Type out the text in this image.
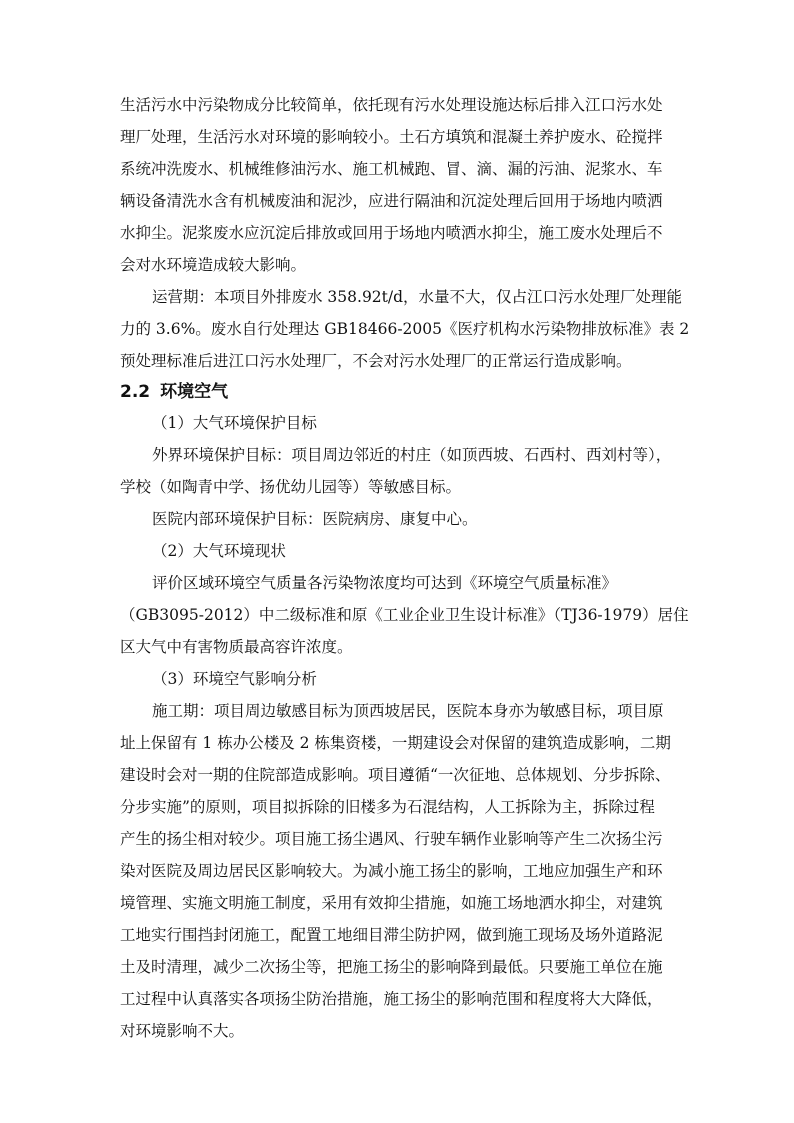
生活污水中污染物成分比较简单，依托现有污水处理设施达标后排入江口污水处
理厂处理，生活污水对环境的影响较小。土石方填筑和混凝土养护废水、砼搅拌
系统冲洗废水、机械维修油污水、施工机械跑、冒、滴、漏的污油、泥浆水、车
辆设备清洗水含有机械废油和泥沙，应进行隔油和沉淀处理后回用于场地内喷洒
水抑尘。泥浆废水应沉淀后排放或回用于场地内喷洒水抑尘，施工废水处理后不
会对水环境造成较大影响。
运营期：本项目外排废水 358.92t/d，水量不大，仅占江口污水处理厂处理能
力的 3.6%。废水自行处理达 GB18466-2005《医疗机构水污染物排放标准》表 2
预处理标准后进江口污水处理厂，不会对污水处理厂的正常运行造成影响。
2.2 环境空气
（1）大气环境保护目标
外界环境保护目标：项目周边邻近的村庄（如顶西坡、石西村、西刘村等），
学校（如陶青中学、扬优幼儿园等）等敏感目标。
医院内部环境保护目标：医院病房、康复中心。
（2）大气环境现状
评价区域环境空气质量各污染物浓度均可达到《环境空气质量标准》
（GB3095-2012）中二级标准和原《工业企业卫生设计标准》（TJ36-1979）居住
区大气中有害物质最高容许浓度。
（3）环境空气影响分析
施工期：项目周边敏感目标为顶西坡居民，医院本身亦为敏感目标，项目原
址上保留有 1 栋办公楼及 2 栋集资楼，一期建设会对保留的建筑造成影响，二期
建设时会对一期的住院部造成影响。项目遵循“一次征地、总体规划、分步拆除、
分步实施”的原则，项目拟拆除的旧楼多为石混结构，人工拆除为主，拆除过程
产生的扬尘相对较少。项目施工扬尘遇风、行驶车辆作业影响等产生二次扬尘污
染对医院及周边居民区影响较大。为减小施工扬尘的影响，工地应加强生产和环
境管理、实施文明施工制度，采用有效抑尘措施，如施工场地洒水抑尘，对建筑
工地实行围挡封闭施工，配置工地细目滞尘防护网，做到施工现场及场外道路泥
土及时清理，减少二次扬尘等，把施工扬尘的影响降到最低。只要施工单位在施
工过程中认真落实各项扬尘防治措施，施工扬尘的影响范围和程度将大大降低，
对环境影响不大。
